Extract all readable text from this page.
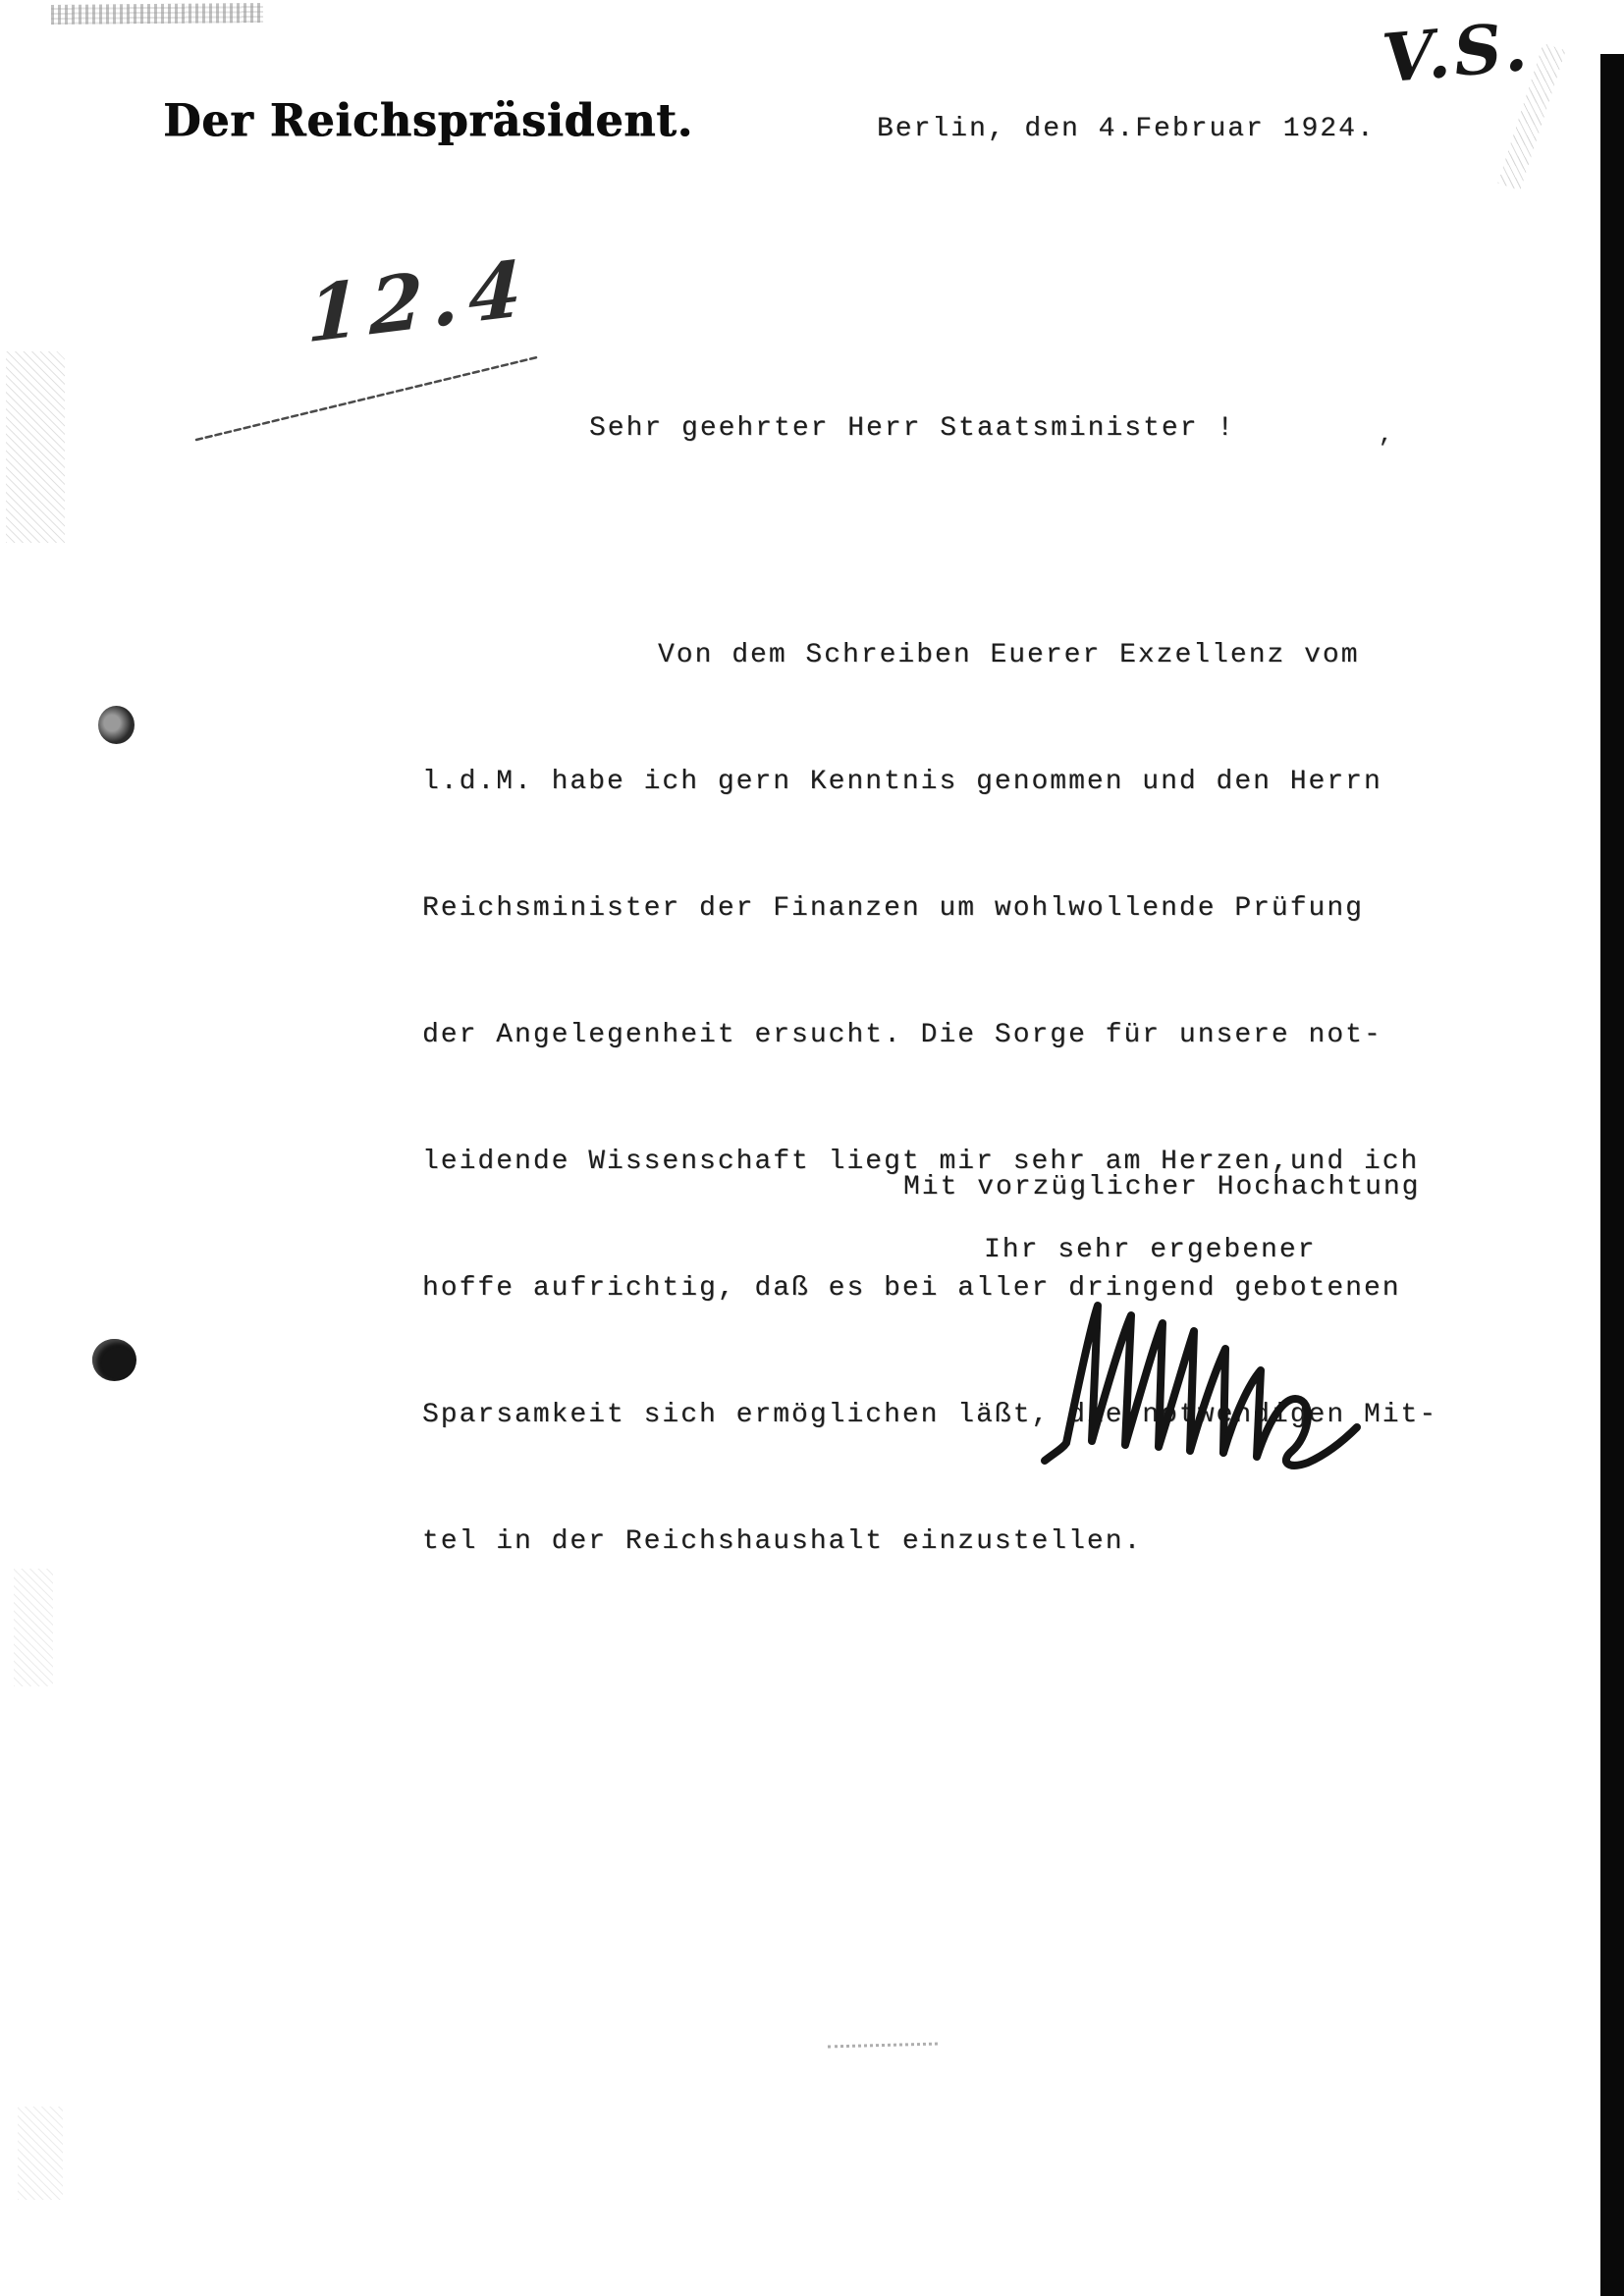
Der Reichspräsident.	Berlin, den 4.Februar 1924.
V.S.
12.4
Sehr geehrter Herr Staatsminister !	,

Von dem Schreiben Euerer Exzellenz vom

l.d.M. habe ich gern Kenntnis genommen und den Herrn

Reichsminister der Finanzen um wohlwollende Prüfung

der Angelegenheit ersucht. Die Sorge für unsere not-

leidende Wissenschaft liegt mir sehr am Herzen,und ich

hoffe aufrichtig, daß es bei aller dringend gebotenen

Sparsamkeit sich ermöglichen läßt, die notwendigen Mit-

tel in der Reichshaushalt einzustellen.

Mit vorzüglicher Hochachtung
Ihr sehr ergebener
